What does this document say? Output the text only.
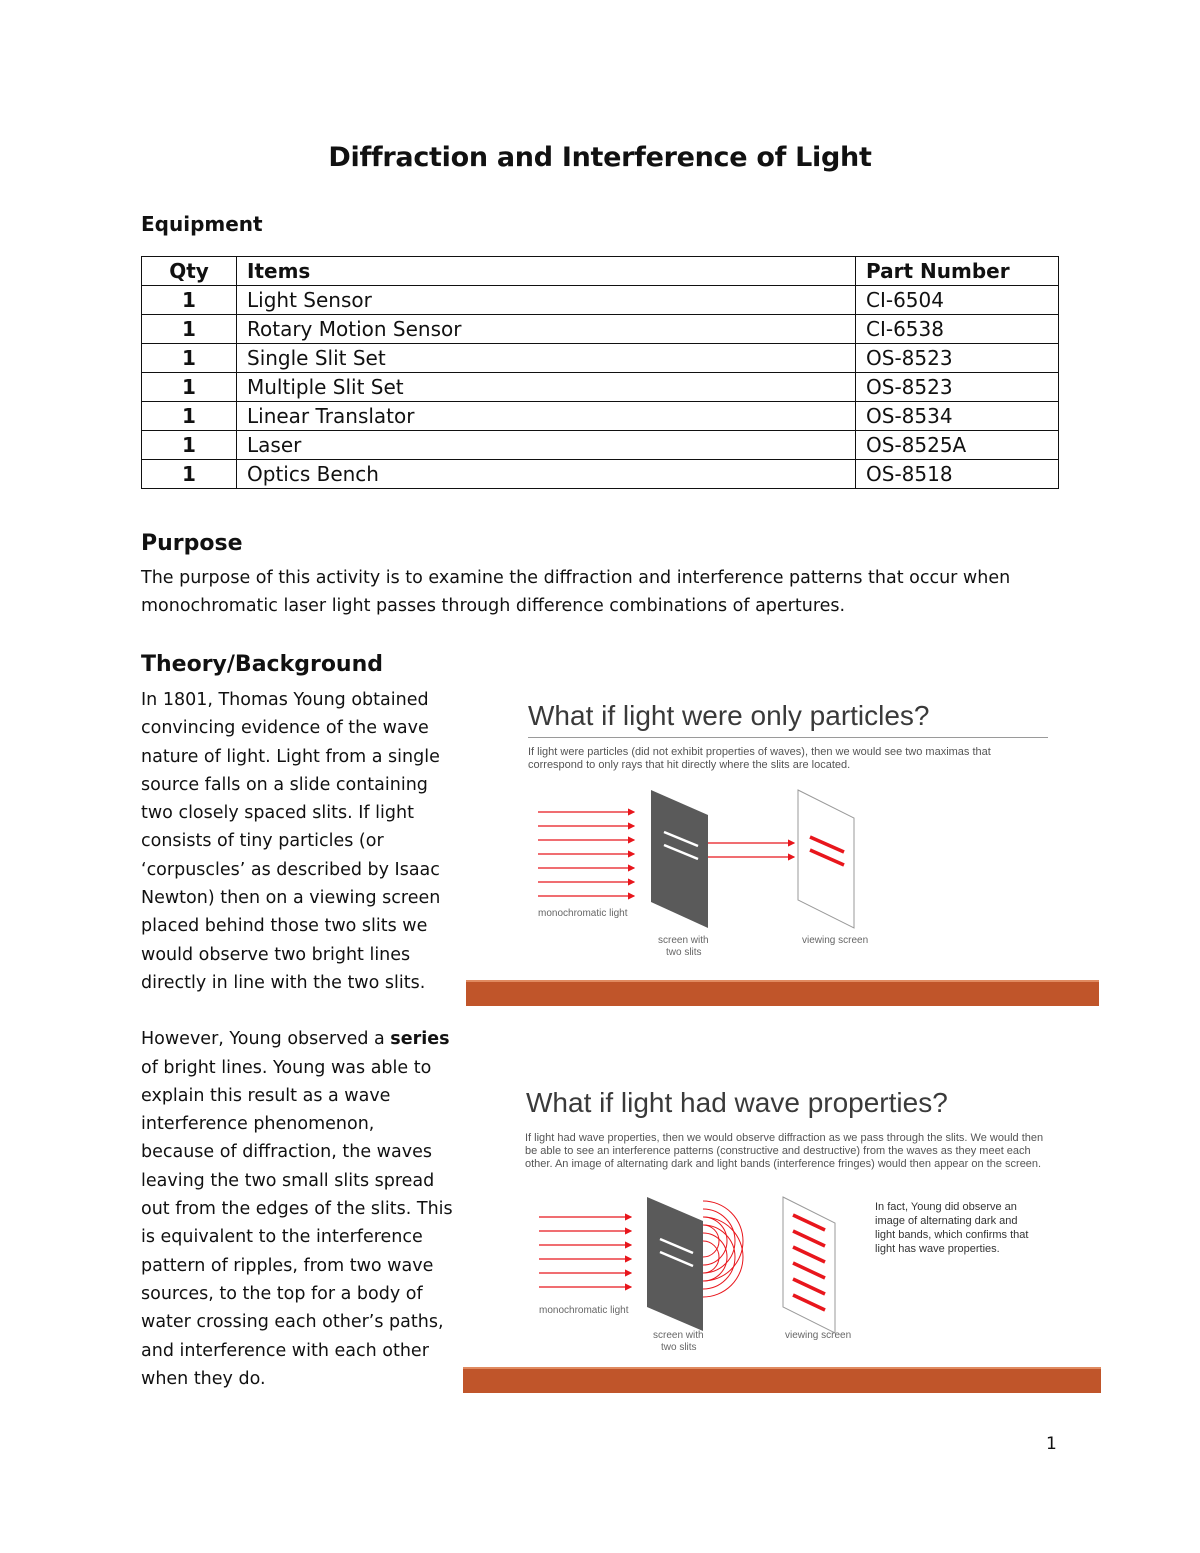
Diffraction and Interference of Light
Equipment
Qty	Items	Part Number
1	Light Sensor	CI-6504
1	Rotary Motion Sensor	CI-6538
1	Single Slit Set	OS-8523
1	Multiple Slit Set	OS-8523
1	Linear Translator	OS-8534
1	Laser	OS-8525A
1	Optics Bench	OS-8518
Purpose
The purpose of this activity is to examine the diffraction and interference patterns that occur when monochromatic laser light passes through difference combinations of apertures.
Theory/Background

In 1801, Thomas Young obtained convincing evidence of the wave nature of light. Light from a single source falls on a slide containing two closely spaced slits. If light consists of tiny particles (or ‘corpuscles’ as described by Isaac Newton) then on a viewing screen placed behind those two slits we would observe two bright lines directly in line with the two slits.

However, Young observed a series of bright lines. Young was able to explain this result as a wave interference phenomenon, because of diffraction, the waves leaving the two small slits spread out from the edges of the slits. This is equivalent to the interference pattern of ripples, from two wave sources, to the top for a body of water crossing each other’s paths, and interference with each other when they do.

What if light were only particles?
If light were particles (did not exhibit properties of waves), then we would see two maximas that correspond to only rays that hit directly where the slits are located.
monochromatic light
screen with
two slits
viewing screen
What if light had wave properties?
If light had wave properties, then we would observe diffraction as we pass through the slits. We would then be able to see an interference patterns (constructive and destructive) from the waves as they meet each other. An image of alternating dark and light bands (interference fringes) would then appear on the screen.
In fact, Young did observe an image of alternating dark and light bands, which confirms that light has wave properties.
monochromatic light
screen with
two slits
viewing screen
1
